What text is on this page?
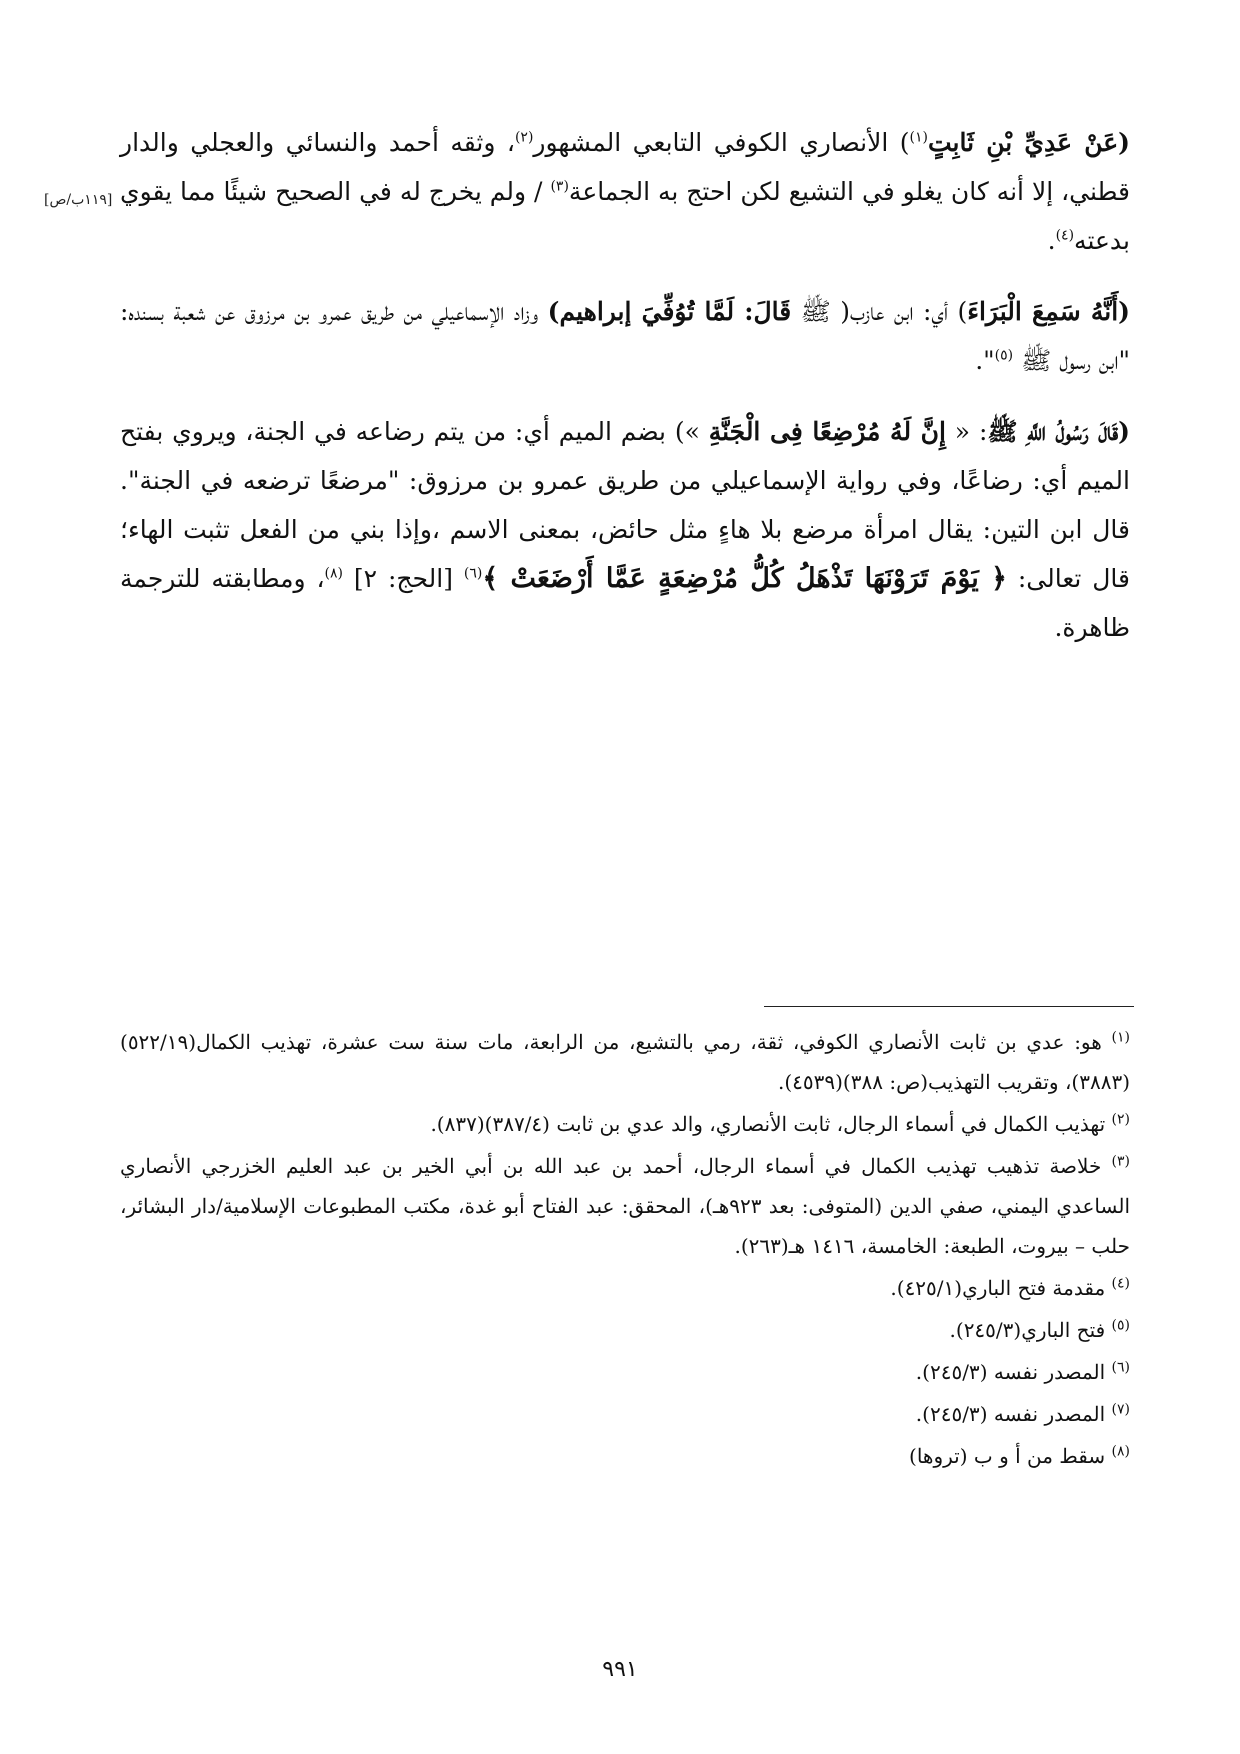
(عَنْ عَدِيِّ بْنِ ثَابِتٍ$^{(١)}$) الأنصاري الكوفي التابعي المشهور$^{(٢)}$، وثقه أحمد والنسائي والعجلي والدار قطني، إلا أنه كان يغلو في التشيع لكن احتج به الجماعة$^{(٣)}$ / ولم يخرج له في الصحيح شيئًا مما يقوي بدعته$^{(٤)}$.

(أَنَّهُ سَمِعَ الْبَرَاءَ) أي: ابن عازب( ﷺ قَالَ: لَمَّا تُوُفِّيَ إبراهيم) وزاد الإسماعيلي من طريق عمرو بن مرزوق عن شعبة بسنده: "ابن رسول ﷺ $^{(٥)}$".

(قَالَ رَسُولُ اللَّهِ ﷺ: « إِنَّ لَهُ مُرْضِعًا فِى الْجَنَّةِ ») بضم الميم أي: من يتم رضاعه في الجنة، ويروي بفتح الميم أي: رضاعًا، وفي رواية الإسماعيلي من طريق عمرو بن مرزوق: "مرضعًا ترضعه في الجنة". قال ابن التين: يقال امرأة مرضع بلا هاءٍ مثل حائض، بمعنى الاسم ،وإذا بني من الفعل تثبت الهاء؛ قال تعالى: ﴿ يَوْمَ تَرَوْنَهَا تَذْهَلُ كُلُّ مُرْضِعَةٍ عَمَّا أَرْضَعَتْ ﴾$^{(٦)}$ [الحج: ٢] $^{(٨)}$، ومطابقته للترجمة ظاهرة.

[١١٩ب/ص]

$^{(١)}$ هو: عدي بن ثابت الأنصاري الكوفي، ثقة، رمي بالتشيع، من الرابعة، مات سنة ست عشرة، تهذيب الكمال(٥٢٢/١٩)(٣٨٨٣)، وتقريب التهذيب(ص: ٣٨٨)(٤٥٣٩).

$^{(٢)}$ تهذيب الكمال في أسماء الرجال، ثابت الأنصاري، والد عدي بن ثابت (٣٨٧/٤)(٨٣٧).

$^{(٣)}$ خلاصة تذهيب تهذيب الكمال في أسماء الرجال، أحمد بن عبد الله بن أبي الخير بن عبد العليم الخزرجي الأنصاري الساعدي اليمني، صفي الدين (المتوفى: بعد ٩٢٣هـ)، المحقق: عبد الفتاح أبو غدة، مكتب المطبوعات الإسلامية/دار البشائر، حلب – بيروت، الطبعة: الخامسة، ١٤١٦ هـ(٢٦٣).

$^{(٤)}$ مقدمة فتح الباري(٤٢٥/١).

$^{(٥)}$ فتح الباري(٢٤٥/٣).

$^{(٦)}$ المصدر نفسه (٢٤٥/٣).

$^{(٧)}$ المصدر نفسه (٢٤٥/٣).

$^{(٨)}$ سقط من أ و ب (تروها)

٩٩١
